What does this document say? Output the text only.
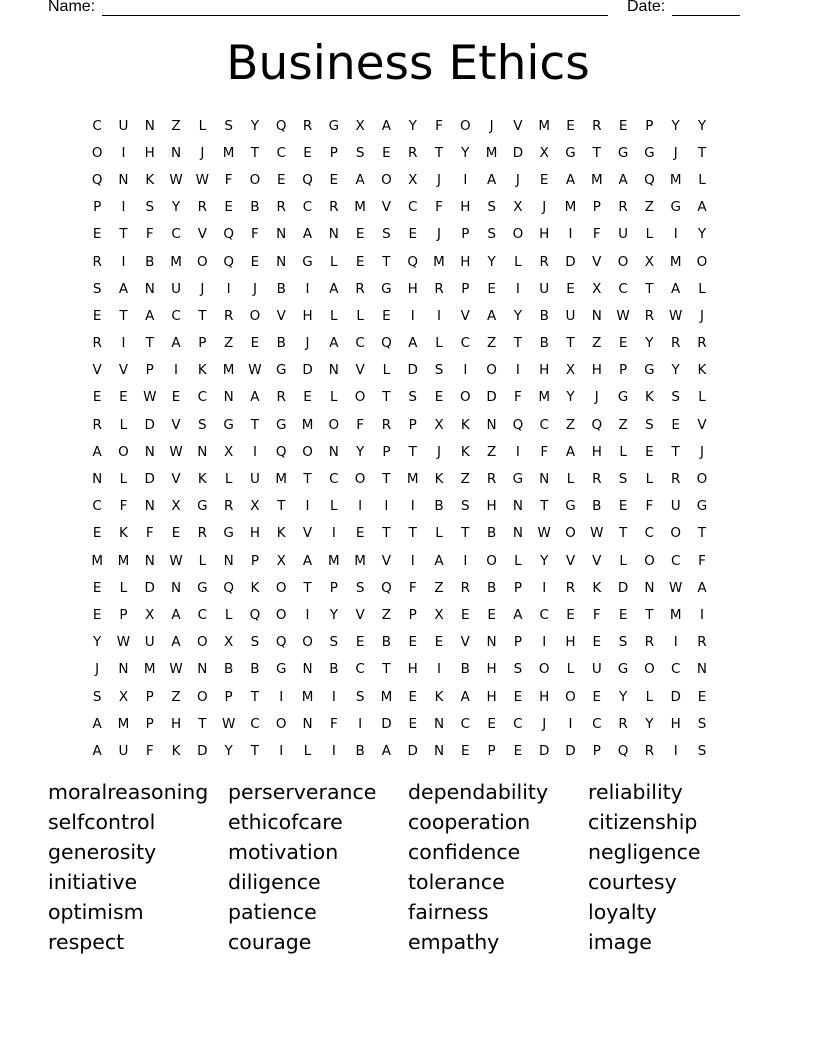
Name:	Date:
Business Ethics
C	U	N	Z	L	S	Y	Q	R	G	X	A	Y	F	O	J	V	M	E	R	E	P	Y	Y
O	I	H	N	J	M	T	C	E	P	S	E	R	T	Y	M	D	X	G	T	G	G	J	T
Q	N	K	W W	F	O	E	Q	E	A	O	X	J	I	A	J	E	A	M	A	Q	M	L
P	I	S	Y	R	E	B	R	C	R	M	V	C	F	H	S	X	J	M	P	R	Z	G	A
E	T	F	C	V	Q	F	N	A	N	E	S	E	J	P	S	O	H	I	F	U	L	I	Y
R	I	B	M	O	Q	E	N	G	L	E	T	Q	M	H	Y	L	R	D	V	O	X	M	O
S	A	N	U	J	I	J	B	I	A	R	G	H	R	P	E	I	U	E	X	C	T	A	L
E	T	A	C	T	R	O	V	H	L	L	E	I	I	V	A	Y	B	U	N	W	R	W	J
R	I	T	A	P	Z	E	B	J	A	C	Q	A	L	C	Z	T	B	T	Z	E	Y	R	R
V	V	P	I	K	M	W	G	D	N	V	L	D	S	I	O	I	H	X	H	P	G	Y	K
E	E	W	E	C	N	A	R	E	L	O	T	S	E	O	D	F	M	Y	J	G	K	S	L
R	L	D	V	S	G	T	G	M	O	F	R	P	X	K	N	Q	C	Z	Q	Z	S	E	V
A	O	N	W	N	X	I	Q	O	N	Y	P	T	J	K	Z	I	F	A	H	L	E	T	J
N	L	D	V	K	L	U	M	T	C	O	T	M	K	Z	R	G	N	L	R	S	L	R	O
C	F	N	X	G	R	X	T	I	L	I	I	I	B	S	H	N	T	G	B	E	F	U	G
E	K	F	E	R	G	H	K	V	I	E	T	T	L	T	B	N	W	O	W	T	C	O	T
M	M	N	W	L	N	P	X	A	M	M	V	I	A	I	O	L	Y	V	V	L	O	C	F
E	L	D	N	G	Q	K	O	T	P	S	Q	F	Z	R	B	P	I	R	K	D	N	W	A
E	P	X	A	C	L	Q	O	I	Y	V	Z	P	X	E	E	A	C	E	F	E	T	M	I
Y	W	U	A	O	X	S	Q	O	S	E	B	E	E	V	N	P	I	H	E	S	R	I	R
J	N	M	W	N	B	B	G	N	B	C	T	H	I	B	H	S	O	L	U	G	O	C	N
S	X	P	Z	O	P	T	I	M	I	S	M	E	K	A	H	E	H	O	E	Y	L	D	E
A	M	P	H	T	W	C	O	N	F	I	D	E	N	C	E	C	J	I	C	R	Y	H	S
A	U	F	K	D	Y	T	I	L	I	B	A	D	N	E	P	E	D	D	P	Q	R	I	S
moralreasoning perserverance	dependability	reliability
selfcontrol	ethicofcare	cooperation	citizenship
generosity	motivation	confidence	negligence
initiative	diligence	tolerance	courtesy
optimism	patience	fairness	loyalty
respect	courage	empathy	image
